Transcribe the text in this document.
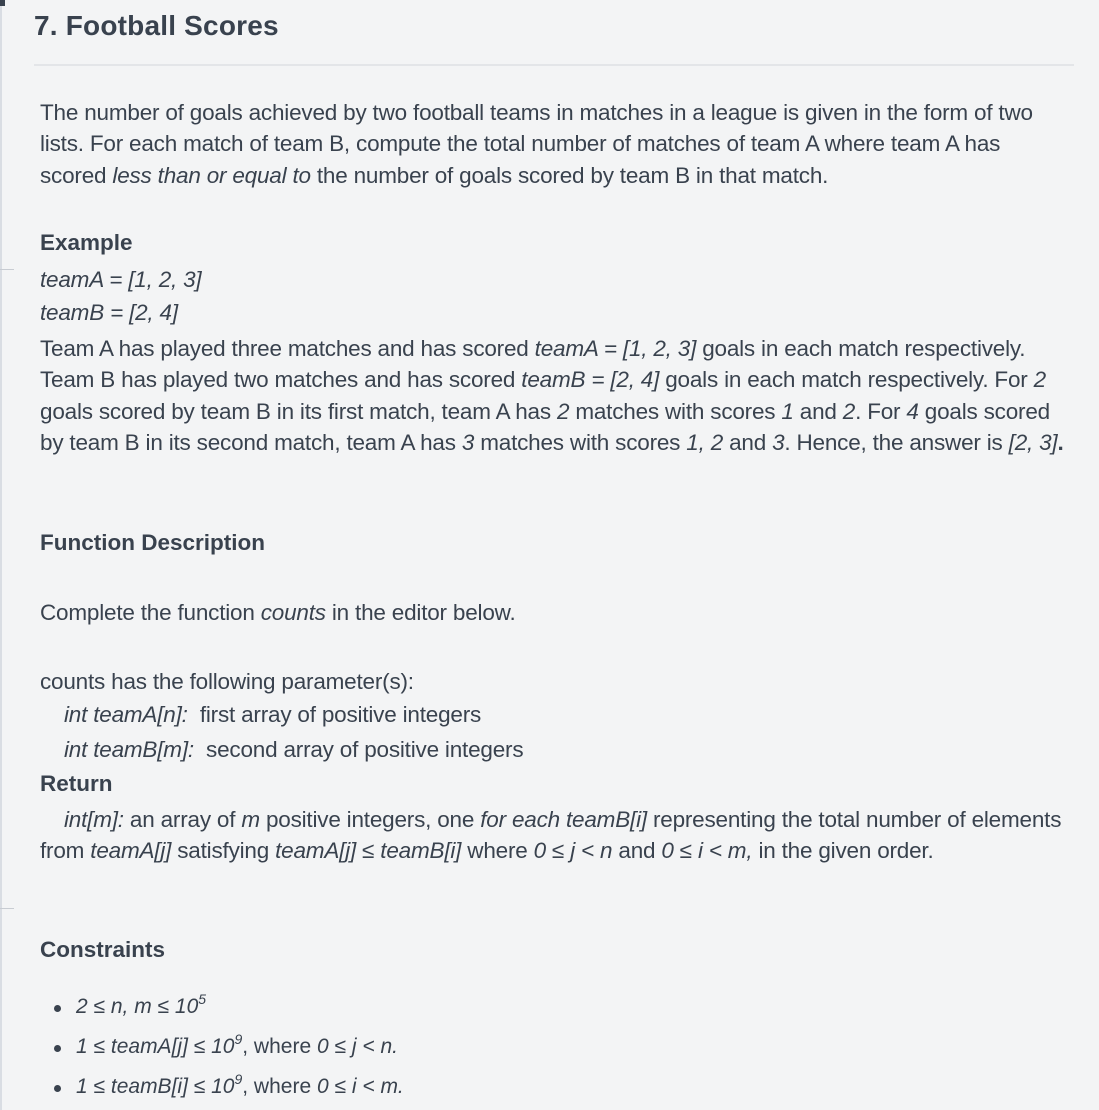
7. Football Scores
The number of goals achieved by two football teams in matches in a league is given in the form of two lists. For each match of team B, compute the total number of matches of team A where team A has scored less than or equal to the number of goals scored by team B in that match.
Example
teamA = [1, 2, 3]
teamB = [2, 4]
Team A has played three matches and has scored teamA = [1, 2, 3] goals in each match respectively. Team B has played two matches and has scored teamB = [2, 4] goals in each match respectively. For 2 goals scored by team B in its first match, team A has 2 matches with scores 1 and 2. For 4 goals scored by team B in its second match, team A has 3 matches with scores 1, 2 and 3. Hence, the answer is [2, 3].
Function Description
Complete the function counts in the editor below.
counts has the following parameter(s):
int teamA[n]:  first array of positive integers
int teamB[m]:  second array of positive integers
Return
int[m]: an array of m positive integers, one for each teamB[i] representing the total number of elements from teamA[j] satisfying teamA[j] ≤ teamB[i] where 0 ≤ j < n and 0 ≤ i < m, in the given order.
Constraints
2 ≤ n, $m \le 10^5$
1 ≤ teamA[j] ≤ $10^9$, where 0 ≤ j < n.
1 ≤ teamB[i] ≤ $10^9$, where 0 ≤ i < m.
